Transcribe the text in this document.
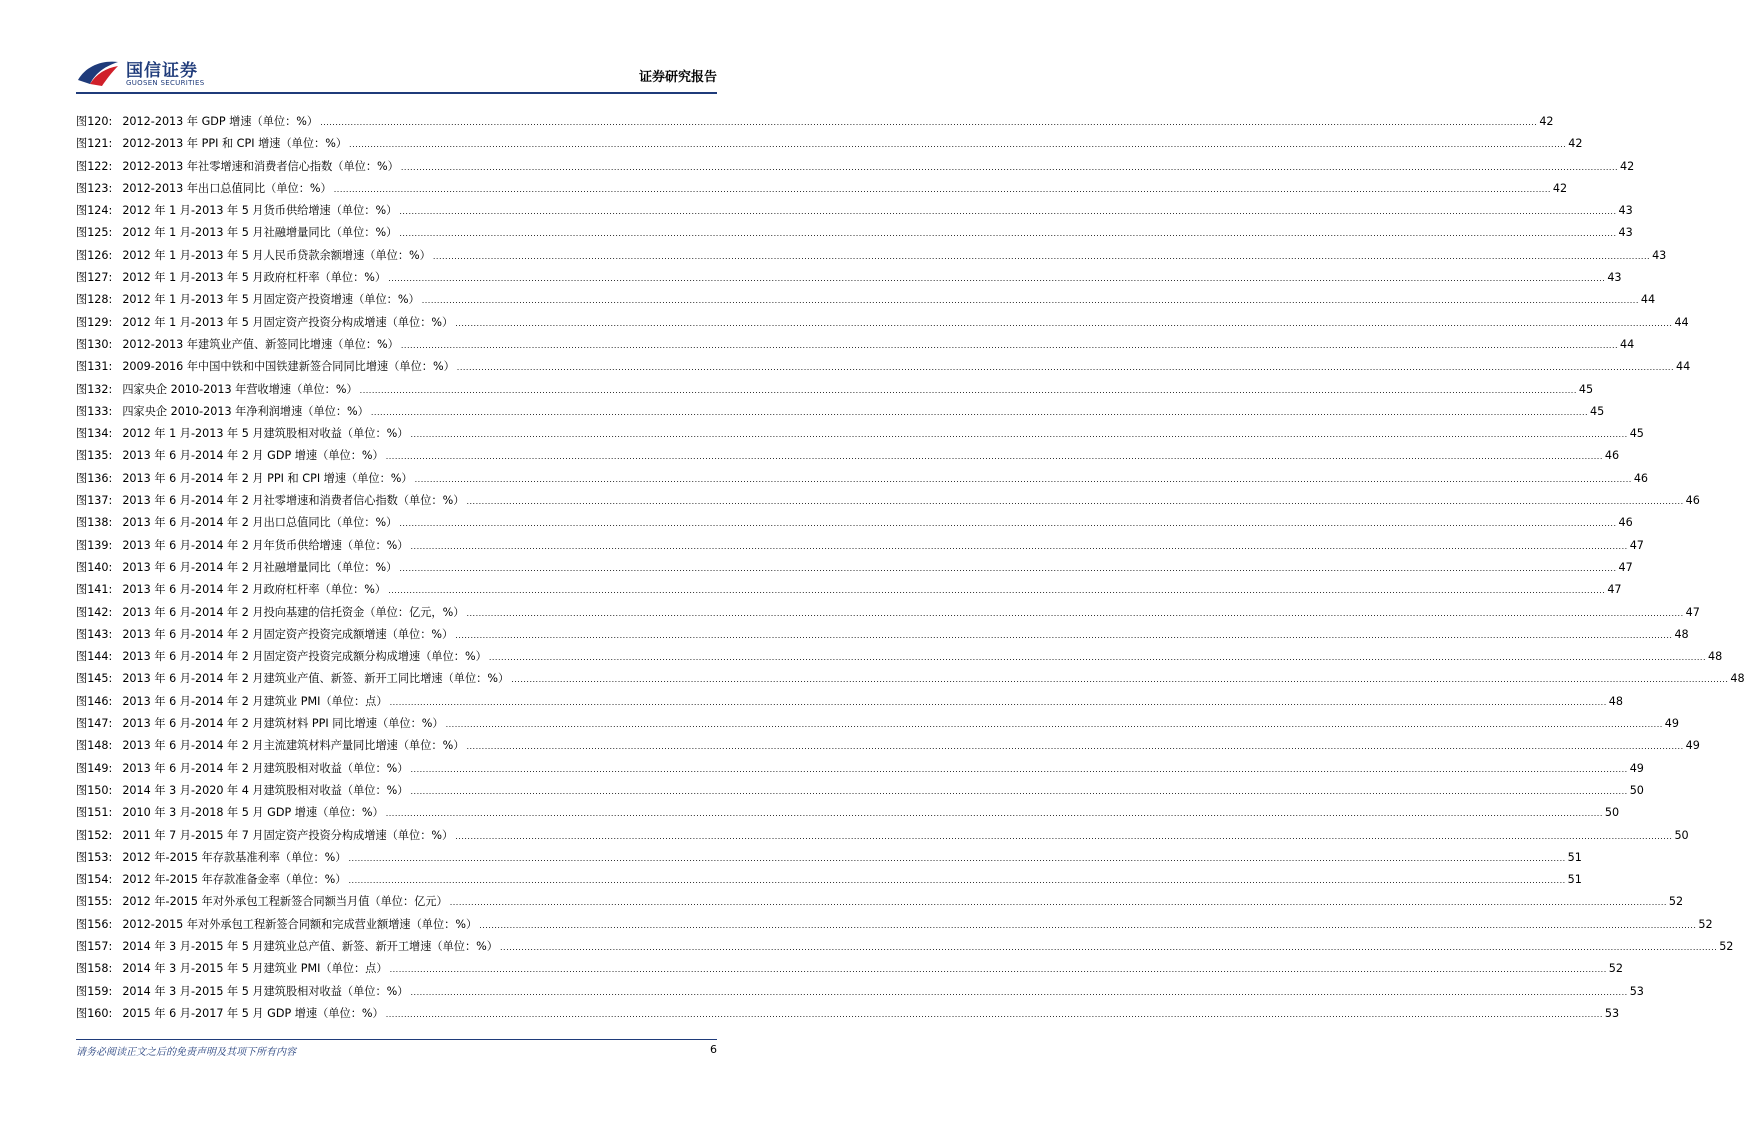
国信证券
GUOSEN SECURITIES	证券研究报告
图120: 2012-2013 年 GDP 增速（单位：%） ................................................................................................................................................................................................................................................................................................................................................................................................................ 42
图121: 2012-2013 年 PPI 和 CPI 增速（单位：%） ................................................................................................................................................................................................................................................................................................................................................................................................................ 42
图122: 2012-2013 年社零增速和消费者信心指数（单位：%） ................................................................................................................................................................................................................................................................................................................................................................................................................ 42
图123: 2012-2013 年出口总值同比（单位：%） ................................................................................................................................................................................................................................................................................................................................................................................................................ 42
图124: 2012 年 1 月-2013 年 5 月货币供给增速（单位：%） ................................................................................................................................................................................................................................................................................................................................................................................................................ 43
图125: 2012 年 1 月-2013 年 5 月社融增量同比（单位：%） ................................................................................................................................................................................................................................................................................................................................................................................................................ 43
图126: 2012 年 1 月-2013 年 5 月人民币贷款余额增速（单位：%） ................................................................................................................................................................................................................................................................................................................................................................................................................ 43
图127: 2012 年 1 月-2013 年 5 月政府杠杆率（单位：%） ................................................................................................................................................................................................................................................................................................................................................................................................................ 43
图128: 2012 年 1 月-2013 年 5 月固定资产投资增速（单位：%） ................................................................................................................................................................................................................................................................................................................................................................................................................ 44
图129: 2012 年 1 月-2013 年 5 月固定资产投资分构成增速（单位：%） ................................................................................................................................................................................................................................................................................................................................................................................................................ 44
图130: 2012-2013 年建筑业产值、新签同比增速（单位：%） ................................................................................................................................................................................................................................................................................................................................................................................................................ 44
图131: 2009-2016 年中国中铁和中国铁建新签合同同比增速（单位：%） ................................................................................................................................................................................................................................................................................................................................................................................................................ 44
图132: 四家央企 2010-2013 年营收增速（单位：%） ................................................................................................................................................................................................................................................................................................................................................................................................................ 45
图133: 四家央企 2010-2013 年净利润增速（单位：%） ................................................................................................................................................................................................................................................................................................................................................................................................................ 45
图134: 2012 年 1 月-2013 年 5 月建筑股相对收益（单位：%） ................................................................................................................................................................................................................................................................................................................................................................................................................ 45
图135: 2013 年 6 月-2014 年 2 月 GDP 增速（单位：%） ................................................................................................................................................................................................................................................................................................................................................................................................................ 46
图136: 2013 年 6 月-2014 年 2 月 PPI 和 CPI 增速（单位：%） ................................................................................................................................................................................................................................................................................................................................................................................................................ 46
图137: 2013 年 6 月-2014 年 2 月社零增速和消费者信心指数（单位：%） ................................................................................................................................................................................................................................................................................................................................................................................................................ 46
图138: 2013 年 6 月-2014 年 2 月出口总值同比（单位：%） ................................................................................................................................................................................................................................................................................................................................................................................................................ 46
图139: 2013 年 6 月-2014 年 2 月年货币供给增速（单位：%） ................................................................................................................................................................................................................................................................................................................................................................................................................ 47
图140: 2013 年 6 月-2014 年 2 月社融增量同比（单位：%） ................................................................................................................................................................................................................................................................................................................................................................................................................ 47
图141: 2013 年 6 月-2014 年 2 月政府杠杆率（单位：%） ................................................................................................................................................................................................................................................................................................................................................................................................................ 47
图142: 2013 年 6 月-2014 年 2 月投向基建的信托资金（单位：亿元，%） ................................................................................................................................................................................................................................................................................................................................................................................................................ 47
图143: 2013 年 6 月-2014 年 2 月固定资产投资完成额增速（单位：%） ................................................................................................................................................................................................................................................................................................................................................................................................................ 48
图144: 2013 年 6 月-2014 年 2 月固定资产投资完成额分构成增速（单位：%） ................................................................................................................................................................................................................................................................................................................................................................................................................ 48
图145: 2013 年 6 月-2014 年 2 月建筑业产值、新签、新开工同比增速（单位：%） ................................................................................................................................................................................................................................................................................................................................................................................................................ 48
图146: 2013 年 6 月-2014 年 2 月建筑业 PMI（单位：点） ................................................................................................................................................................................................................................................................................................................................................................................................................ 48
图147: 2013 年 6 月-2014 年 2 月建筑材料 PPI 同比增速（单位：%） ................................................................................................................................................................................................................................................................................................................................................................................................................ 49
图148: 2013 年 6 月-2014 年 2 月主流建筑材料产量同比增速（单位：%） ................................................................................................................................................................................................................................................................................................................................................................................................................ 49
图149: 2013 年 6 月-2014 年 2 月建筑股相对收益（单位：%） ................................................................................................................................................................................................................................................................................................................................................................................................................ 49
图150: 2014 年 3 月-2020 年 4 月建筑股相对收益（单位：%） ................................................................................................................................................................................................................................................................................................................................................................................................................ 50
图151: 2010 年 3 月-2018 年 5 月 GDP 增速（单位：%） ................................................................................................................................................................................................................................................................................................................................................................................................................ 50
图152: 2011 年 7 月-2015 年 7 月固定资产投资分构成增速（单位：%） ................................................................................................................................................................................................................................................................................................................................................................................................................ 50
图153: 2012 年-2015 年存款基准利率（单位：%） ................................................................................................................................................................................................................................................................................................................................................................................................................ 51
图154: 2012 年-2015 年存款准备金率（单位：%） ................................................................................................................................................................................................................................................................................................................................................................................................................ 51
图155: 2012 年-2015 年对外承包工程新签合同额当月值（单位：亿元） ................................................................................................................................................................................................................................................................................................................................................................................................................ 52
图156: 2012-2015 年对外承包工程新签合同额和完成营业额增速（单位：%） ................................................................................................................................................................................................................................................................................................................................................................................................................ 52
图157: 2014 年 3 月-2015 年 5 月建筑业总产值、新签、新开工增速（单位：%） ................................................................................................................................................................................................................................................................................................................................................................................................................ 52
图158: 2014 年 3 月-2015 年 5 月建筑业 PMI（单位：点） ................................................................................................................................................................................................................................................................................................................................................................................................................ 52
图159: 2014 年 3 月-2015 年 5 月建筑股相对收益（单位：%） ................................................................................................................................................................................................................................................................................................................................................................................................................ 53
图160: 2015 年 6 月-2017 年 5 月 GDP 增速（单位：%） ................................................................................................................................................................................................................................................................................................................................................................................................................ 53
请务必阅读正文之后的免责声明及其项下所有内容	6
